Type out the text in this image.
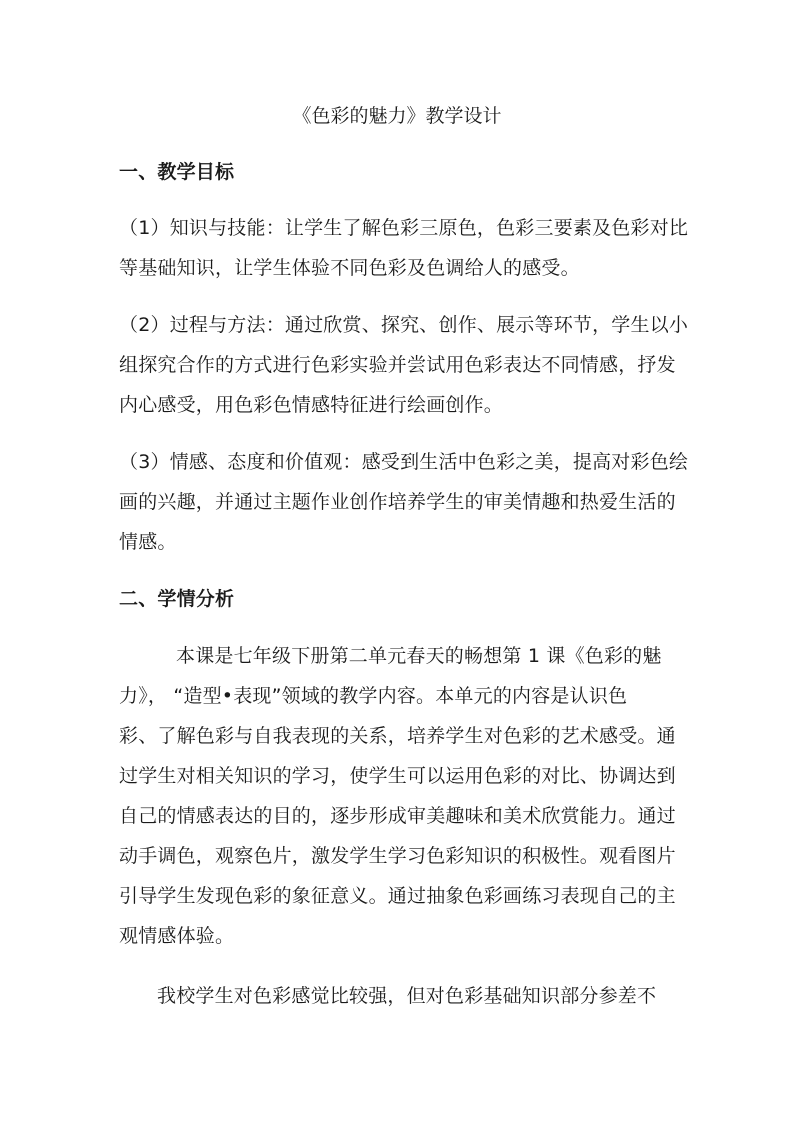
《色彩的魅力》教学设计
一、教学目标
（1）知识与技能：让学生了解色彩三原色，色彩三要素及色彩对比
等基础知识，让学生体验不同色彩及色调给人的感受。
（2）过程与方法：通过欣赏、探究、创作、展示等环节，学生以小
组探究合作的方式进行色彩实验并尝试用色彩表达不同情感，抒发
内心感受，用色彩色情感特征进行绘画创作。
（3）情感、态度和价值观：感受到生活中色彩之美，提高对彩色绘
画的兴趣，并通过主题作业创作培养学生的审美情趣和热爱生活的
情感。
二、学情分析
本课是七年级下册第二单元春天的畅想第 1 课《色彩的魅
力》， “造型•表现”领域的教学内容。本单元的内容是认识色
彩、了解色彩与自我表现的关系，培养学生对色彩的艺术感受。通
过学生对相关知识的学习，使学生可以运用色彩的对比、协调达到
自己的情感表达的目的，逐步形成审美趣味和美术欣赏能力。通过
动手调色，观察色片，激发学生学习色彩知识的积极性。观看图片
引导学生发现色彩的象征意义。通过抽象色彩画练习表现自己的主
观情感体验。
我校学生对色彩感觉比较强，但对色彩基础知识部分参差不
